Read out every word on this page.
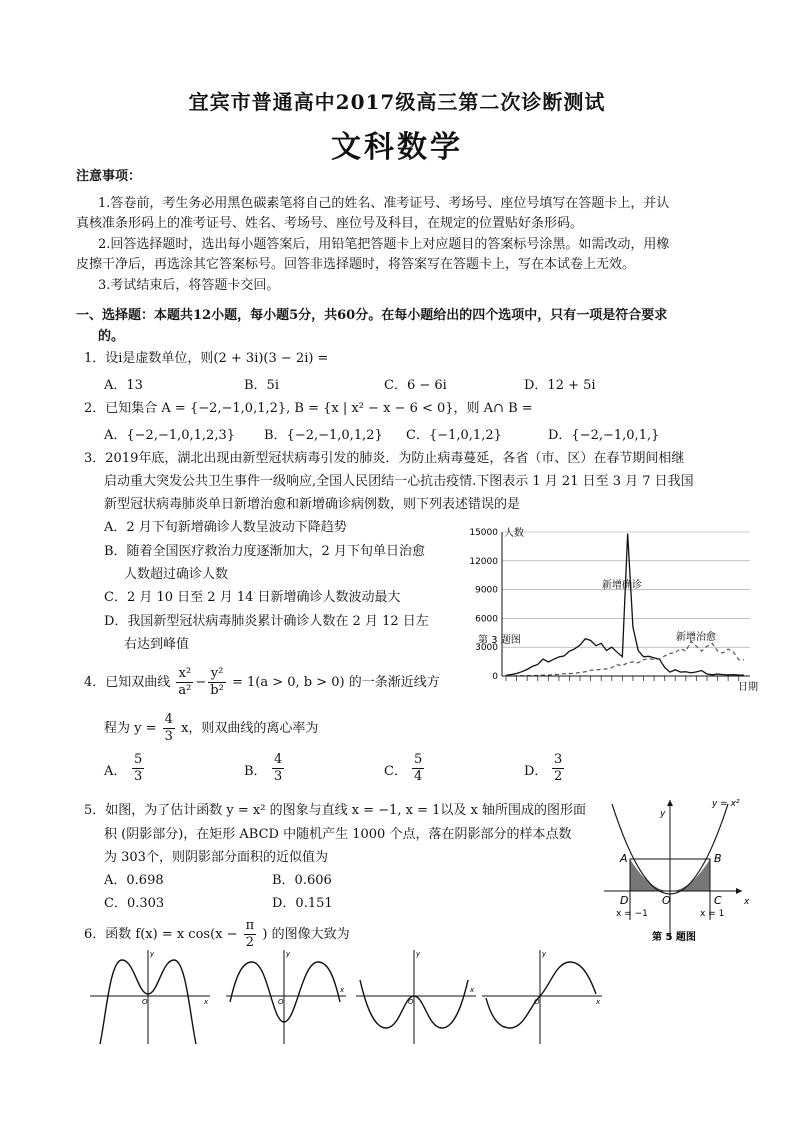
宜宾市普通高中2017级高三第二次诊断测试
文科数学
注意事项：
1.答卷前，考生务必用黑色碳素笔将自己的姓名、准考证号、考场号、座位号填写在答题卡上，并认
真核准条形码上的准考证号、姓名、考场号、座位号及科目，在规定的位置贴好条形码。
2.回答选择题时，选出每小题答案后，用铅笔把答题卡上对应题目的答案标号涂黑。如需改动，用橡
皮擦干净后，再选涂其它答案标号。回答非选择题时，将答案写在答题卡上，写在本试卷上无效。
3.考试结束后，将答题卡交回。
一、选择题：本题共12小题，每小题5分，共60分。在每小题给出的四个选项中，只有一项是符合要求
的。
1．设i是虚数单位，则(2 + 3i)(3 − 2i) =
A．13	B．5i	C．6 − 6i	D．12 + 5i
2．已知集合 A = {−2,−1,0,1,2}, B = {x | x² − x − 6 < 0}，则 A∩ B =
A．{−2,−1,0,1,2,3} B．{−2,−1,0,1,2} C．{−1,0,1,2}	D．{−2,−1,0,1,}
3．2019年底，湖北出现由新型冠状病毒引发的肺炎．为防止病毒蔓延，各省（市、区）在春节期间相继
启动重大突发公共卫生事件一级响应,全国人民团结一心抗击疫情.下图表示 1 月 21 日至 3 月 7 日我国
新型冠状病毒肺炎单日新增治愈和新增确诊病例数，则下列表述错误的是
A．2 月下旬新增确诊人数呈波动下降趋势
B．随着全国医疗救治力度逐渐加大，2 月下旬单日治愈
人数超过确诊人数
C．2 月 10 日至 2 月 14 日新增确诊人数波动最大
D．我国新型冠状病毒肺炎累计确诊人数在 2 月 12 日左
右达到峰值
15000
12000
9000
6000
3000
0
人数
日期
新增确诊
新增治愈
第 3 题图
4．已知双曲线 $\frac{\text{x²}}{\text{a²}} - \frac{\text{y²}}{\text{b²}} = 1(a > 0$, b > 0) 的一条渐近线方
程为 $y = \frac{4}{3}$ x，则双曲线的离心率为
A． $\frac{5}{3}$	B． $\frac{4}{3}$	C． $\frac{5}{4}$	D． $\frac{3}{2}$
5．如图，为了估计函数 y = x² 的图象与直线 x = −1, x = 1以及 x 轴所围成的图形面
积 (阴影部分)，在矩形 ABCD 中随机产生 1000 个点，落在阴影部分的样本点数
为 303个，则阴影部分面积的近似值为
A．0.698	B．0.606
C．0.303	D．0.151
y = x²
y
x
A	B
C
D	O
x = −1	x = 1
第 5 题图
6．函数 f(x) = x $\cos(x - \frac{\pi}{2}$ ) 的图像大致为
y
x
O
y
x
O
y
x
O
y
x
O
